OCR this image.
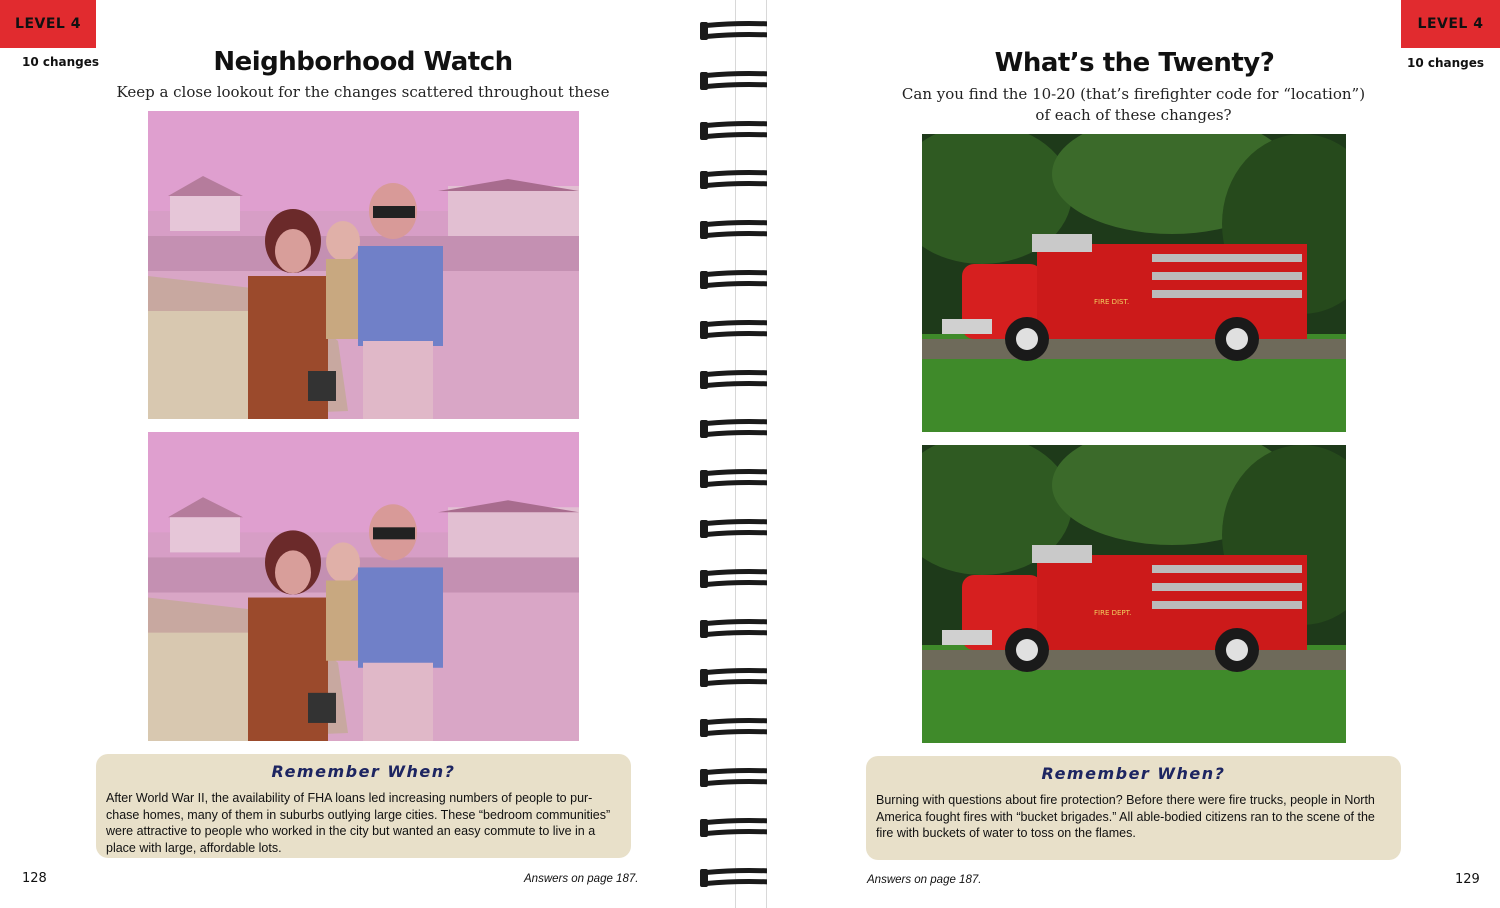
LEVEL 4
10 changes	Neighborhood Watch
Keep a close lookout for the changes scattered throughout these
Remember When?
After World War II, the availability of FHA loans led increasing numbers of people to pur-chase homes, many of them in suburbs outlying large cities. These “bedroom communities” were attractive to people who worked in the city but wanted an easy commute to live in a place with large, affordable lots.
128	Answers on page 187.
LEVEL 4
10 changes
What’s the Twenty?
Can you find the 10-20 (that’s firefighter code for “location”)
of each of these changes?
FIRE DIST.
FIRE DEPT.
Remember When?
Burning with questions about fire protection? Before there were fire trucks, people in North America fought fires with “bucket brigades.” All able-bodied citizens ran to the scene of the fire with buckets of water to toss on the flames.
Answers on page 187.	129
